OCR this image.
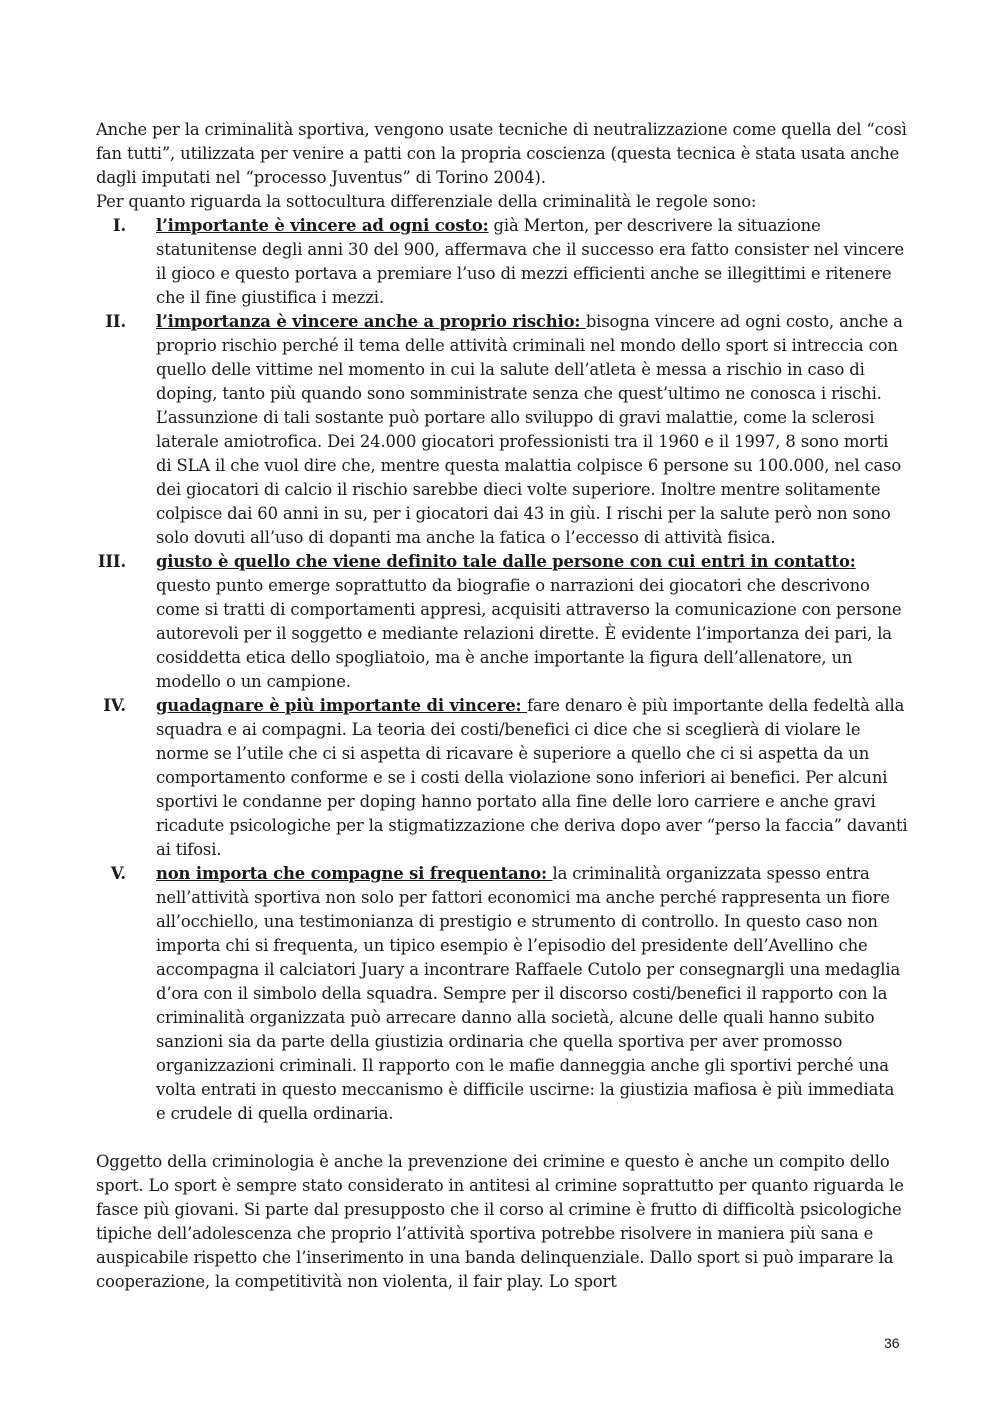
Anche per la criminalità sportiva, vengono usate tecniche di neutralizzazione come quella del “così fan tutti”, utilizzata per venire a patti con la propria coscienza (questa tecnica è stata usata anche dagli imputati nel “processo Juventus” di Torino 2004).

Per quanto riguarda la sottocultura differenziale della criminalità le regole sono:

I. l’importante è vincere ad ogni costo: già Merton, per descrivere la situazione statunitense degli anni 30 del 900, affermava che il successo era fatto consister nel vincere il gioco e questo portava a premiare l’uso di mezzi efficienti anche se illegittimi e ritenere che il fine giustifica i mezzi.
II. l’importanza è vincere anche a proprio rischio: bisogna vincere ad ogni costo, anche a proprio rischio perché il tema delle attività criminali nel mondo dello sport si intreccia con quello delle vittime nel momento in cui la salute dell’atleta è messa a rischio in caso di doping, tanto più quando sono somministrate senza che quest’ultimo ne conosca i rischi. L’assunzione di tali sostante può portare allo sviluppo di gravi malattie, come la sclerosi laterale amiotrofica. Dei 24.000 giocatori professionisti tra il 1960 e il 1997, 8 sono morti di SLA il che vuol dire che, mentre questa malattia colpisce 6 persone su 100.000, nel caso dei giocatori di calcio il rischio sarebbe dieci volte superiore. Inoltre mentre solitamente colpisce dai 60 anni in su, per i giocatori dai 43 in giù. I rischi per la salute però non sono solo dovuti all’uso di dopanti ma anche la fatica o l’eccesso di attività fisica.
III. giusto è quello che viene definito tale dalle persone con cui entri in contatto: questo punto emerge soprattutto da biografie o narrazioni dei giocatori che descrivono come si tratti di comportamenti appresi, acquisiti attraverso la comunicazione con persone autorevoli per il soggetto e mediante relazioni dirette. È evidente l’importanza dei pari, la cosiddetta etica dello spogliatoio, ma è anche importante la figura dell’allenatore, un modello o un campione.
IV. guadagnare è più importante di vincere: fare denaro è più importante della fedeltà alla squadra e ai compagni. La teoria dei costi/benefici ci dice che si sceglierà di violare le norme se l’utile che ci si aspetta di ricavare è superiore a quello che ci si aspetta da un comportamento conforme e se i costi della violazione sono inferiori ai benefici. Per alcuni sportivi le condanne per doping hanno portato alla fine delle loro carriere e anche gravi ricadute psicologiche per la stigmatizzazione che deriva dopo aver “perso la faccia” davanti ai tifosi.
V. non importa che compagne si frequentano: la criminalità organizzata spesso entra nell’attività sportiva non solo per fattori economici ma anche perché rappresenta un fiore all’occhiello, una testimonianza di prestigio e strumento di controllo. In questo caso non importa chi si frequenta, un tipico esempio è l’episodio del presidente dell’Avellino che accompagna il calciatori Juary a incontrare Raffaele Cutolo per consegnargli una medaglia d’ora con il simbolo della squadra. Sempre per il discorso costi/benefici il rapporto con la criminalità organizzata può arrecare danno alla società, alcune delle quali hanno subito sanzioni sia da parte della giustizia ordinaria che quella sportiva per aver promosso organizzazioni criminali. Il rapporto con le mafie danneggia anche gli sportivi perché una volta entrati in questo meccanismo è difficile uscirne: la giustizia mafiosa è più immediata e crudele di quella ordinaria.

Oggetto della criminologia è anche la prevenzione dei crimine e questo è anche un compito dello sport. Lo sport è sempre stato considerato in antitesi al crimine soprattutto per quanto riguarda le fasce più giovani. Si parte dal presupposto che il corso al crimine è frutto di difficoltà psicologiche tipiche dell’adolescenza che proprio l’attività sportiva potrebbe risolvere in maniera più sana e auspicabile rispetto che l’inserimento in una banda delinquenziale. Dallo sport si può imparare la cooperazione, la competitività non violenta, il fair play. Lo sport

36
